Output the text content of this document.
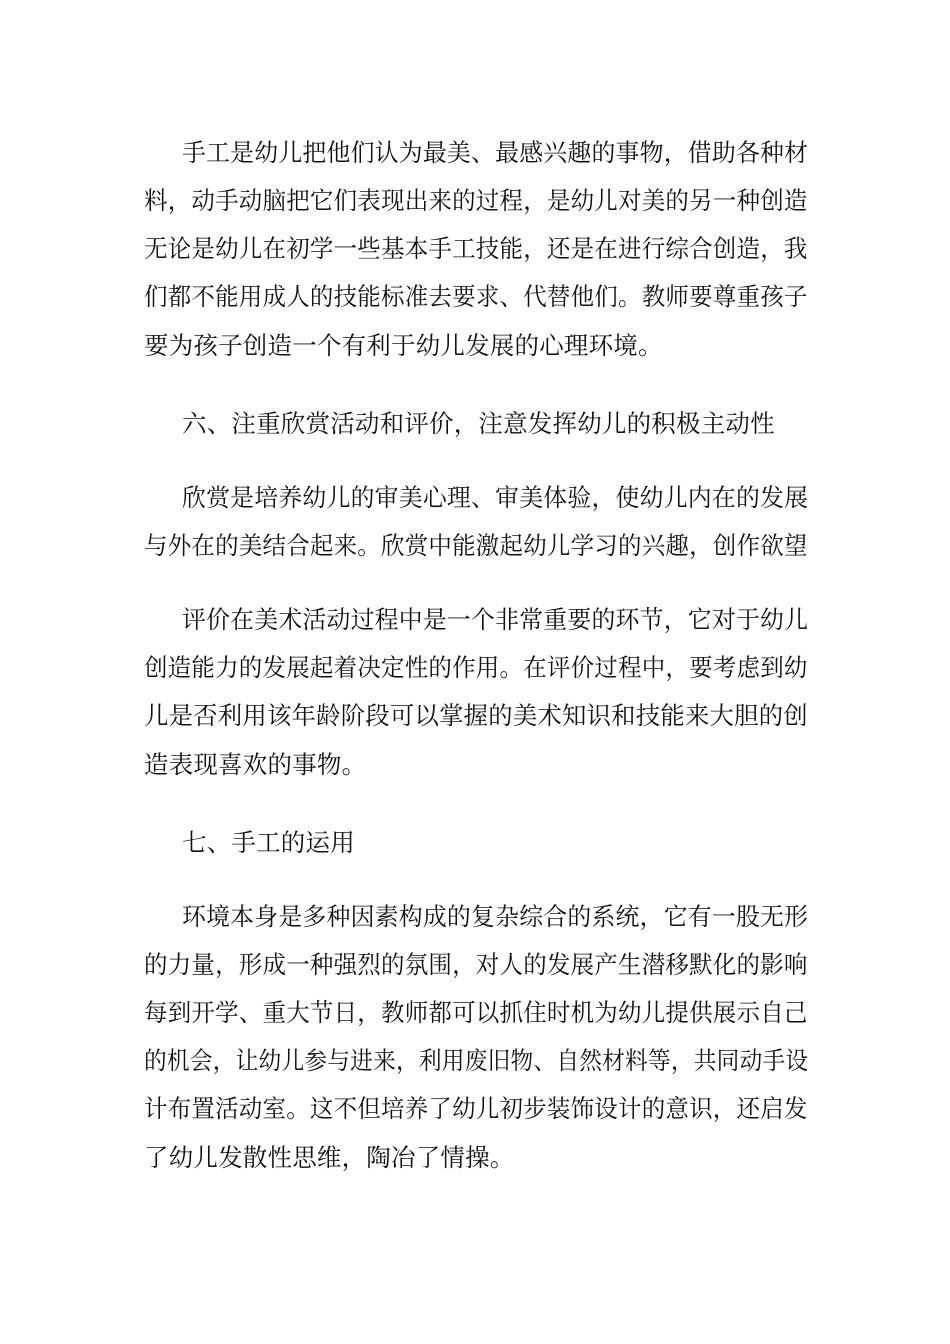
手工是幼儿把他们认为最美、最感兴趣的事物，借助各种材
料，动手动脑把它们表现出来的过程，是幼儿对美的另一种创造
无论是幼儿在初学一些基本手工技能，还是在进行综合创造，我
们都不能用成人的技能标准去要求、代替他们。教师要尊重孩子
要为孩子创造一个有利于幼儿发展的心理环境。
六、注重欣赏活动和评价，注意发挥幼儿的积极主动性
欣赏是培养幼儿的审美心理、审美体验，使幼儿内在的发展
与外在的美结合起来。欣赏中能激起幼儿学习的兴趣，创作欲望
评价在美术活动过程中是一个非常重要的环节，它对于幼儿
创造能力的发展起着决定性的作用。在评价过程中，要考虑到幼
儿是否利用该年龄阶段可以掌握的美术知识和技能来大胆的创
造表现喜欢的事物。
七、手工的运用
环境本身是多种因素构成的复杂综合的系统，它有一股无形
的力量，形成一种强烈的氛围，对人的发展产生潜移默化的影响
每到开学、重大节日，教师都可以抓住时机为幼儿提供展示自己
的机会，让幼儿参与进来，利用废旧物、自然材料等，共同动手设
计布置活动室。这不但培养了幼儿初步装饰设计的意识，还启发
了幼儿发散性思维，陶冶了情操。
